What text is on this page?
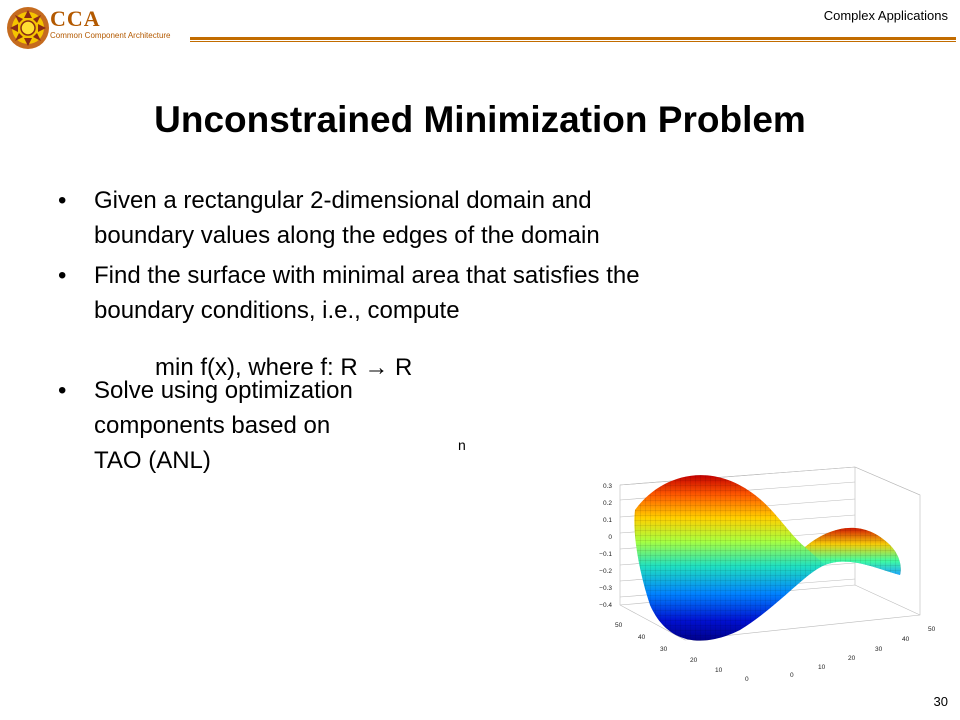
CCA
Common Component Architecture
Complex Applications
Unconstrained Minimization Problem
• Given a rectangular 2-dimensional domain and
boundary values along the edges of the domain
• Find the surface with minimal area that satisfies the
boundary conditions, i.e., compute
• Solve using optimization
components based on
TAO (ANL)
min f(x), where f: R → R
n
0.3
0.2
0.1
0
−0.1
−0.2
−0.3
−0.4
50
40
30
20
10
0
0
10
20
30
40
50
30
